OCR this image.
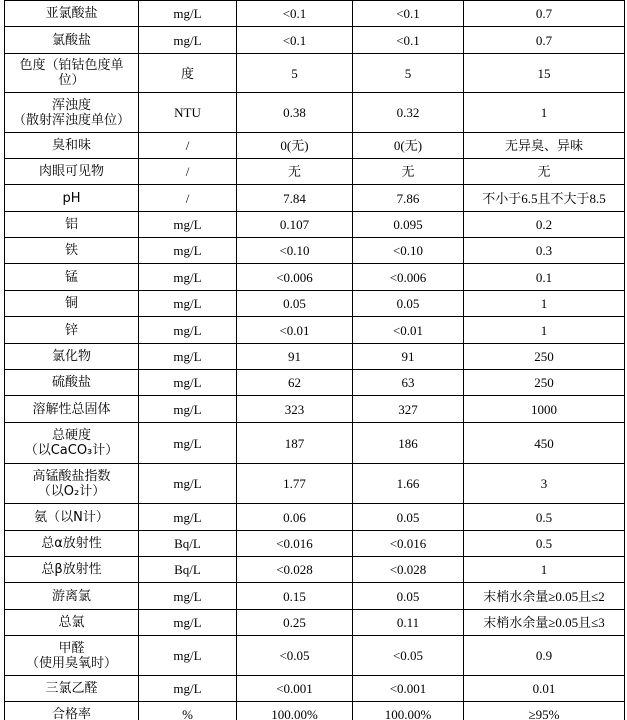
亚氯酸盐	mg/L	<0.1	<0.1	0.7

氯酸盐	mg/L	<0.1	<0.1	0.7

色度（铂钴色度单
位）	度	5	5	15

浑浊度
（散射浑浊度单位）	NTU	0.38	0.32	1

臭和味	/	0(无)	0(无)	无异臭、异味

肉眼可见物	/	无	无	无

pH	/	7.84	7.86	不小于6.5且不大于8.5

铝	mg/L	0.107	0.095	0.2

铁	mg/L	<0.10	<0.10	0.3

锰	mg/L	<0.006	<0.006	0.1

铜	mg/L	0.05	0.05	1

锌	mg/L	<0.01	<0.01	1

氯化物	mg/L	91	91	250

硫酸盐	mg/L	62	63	250

溶解性总固体	mg/L	323	327	1000

总硬度
（以CaCO₃计）	mg/L	187	186	450

高锰酸盐指数
（以O₂计）	mg/L	1.77	1.66	3

氨（以N计）	mg/L	0.06	0.05	0.5

总α放射性	Bq/L	<0.016	<0.016	0.5

总β放射性	Bq/L	<0.028	<0.028	1

游离氯	mg/L	0.15	0.05	末梢水余量≥0.05且≤2

总氯	mg/L	0.25	0.11	末梢水余量≥0.05且≤3

甲醛
（使用臭氧时）	mg/L	<0.05	<0.05	0.9

三氯乙醛	mg/L	<0.001	<0.001	0.01

合格率	%	100.00%	100.00%	≥95%
